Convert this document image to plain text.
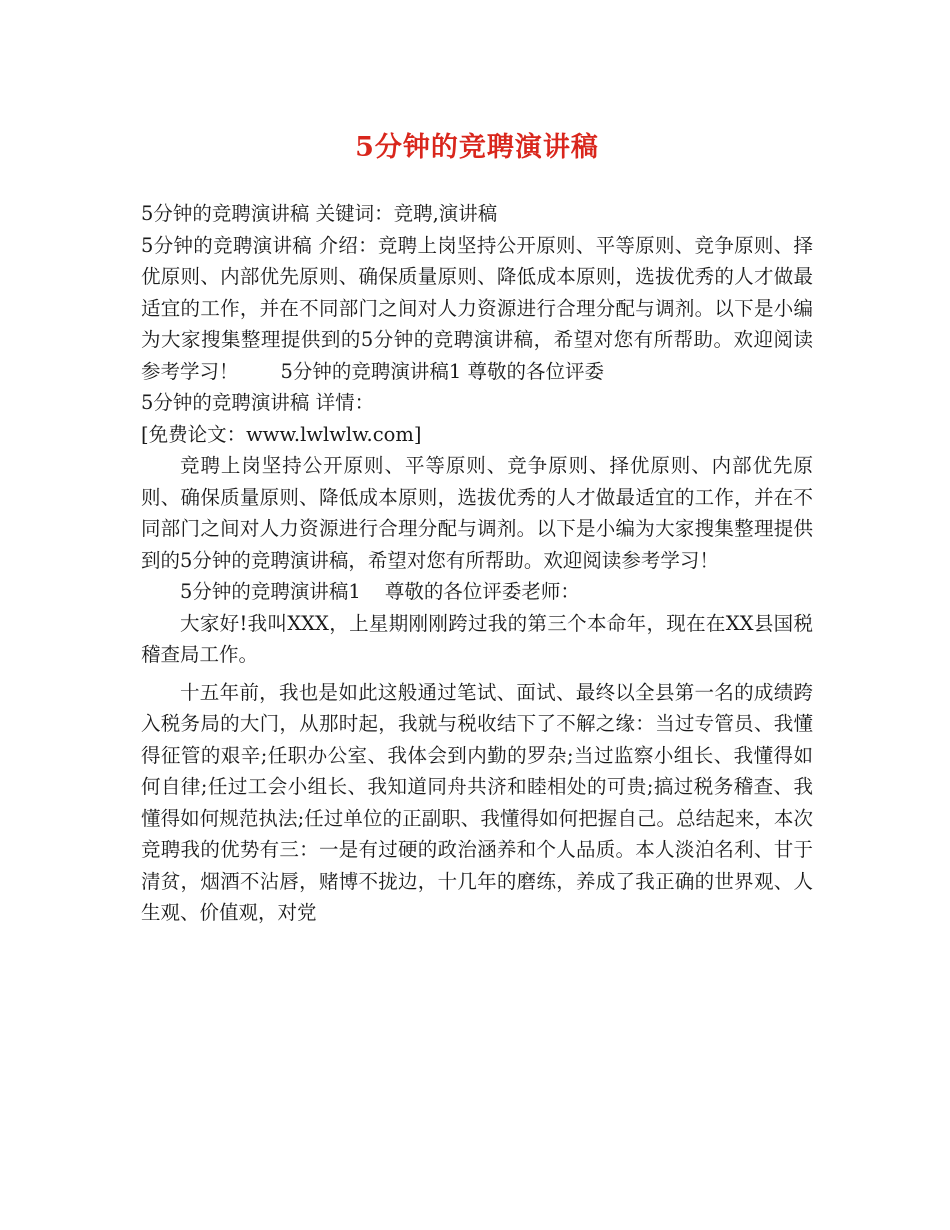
5分钟的竞聘演讲稿

5分钟的竞聘演讲稿 关键词：竞聘,演讲稿

5分钟的竞聘演讲稿 介绍：竞聘上岗坚持公开原则、平等原则、竞争原则、择优原则、内部优先原则、确保质量原则、降低成本原则，选拔优秀的人才做最适宜的工作，并在不同部门之间对人力资源进行合理分配与调剂。以下是小编为大家搜集整理提供到的5分钟的竞聘演讲稿，希望对您有所帮助。欢迎阅读参考学习！ 5分钟的竞聘演讲稿1 尊敬的各位评委

5分钟的竞聘演讲稿 详情：

[免费论文：www.lwlwlw.com]

竞聘上岗坚持公开原则、平等原则、竞争原则、择优原则、内部优先原则、确保质量原则、降低成本原则，选拔优秀的人才做最适宜的工作，并在不同部门之间对人力资源进行合理分配与调剂。以下是小编为大家搜集整理提供到的5分钟的竞聘演讲稿，希望对您有所帮助。欢迎阅读参考学习！

5分钟的竞聘演讲稿1 尊敬的各位评委老师：

大家好!我叫XXX，上星期刚刚跨过我的第三个本命年，现在在XX县国税稽查局工作。

十五年前，我也是如此这般通过笔试、面试、最终以全县第一名的成绩跨入税务局的大门，从那时起，我就与税收结下了不解之缘：当过专管员、我懂得征管的艰辛;任职办公室、我体会到内勤的罗杂;当过监察小组长、我懂得如何自律;任过工会小组长、我知道同舟共济和睦相处的可贵;搞过税务稽查、我懂得如何规范执法;任过单位的正副职、我懂得如何把握自己。总结起来，本次竞聘我的优势有三：一是有过硬的政治涵养和个人品质。本人淡泊名利、甘于清贫，烟酒不沾唇，赌博不拢边，十几年的磨练，养成了我正确的世界观、人生观、价值观，对党
